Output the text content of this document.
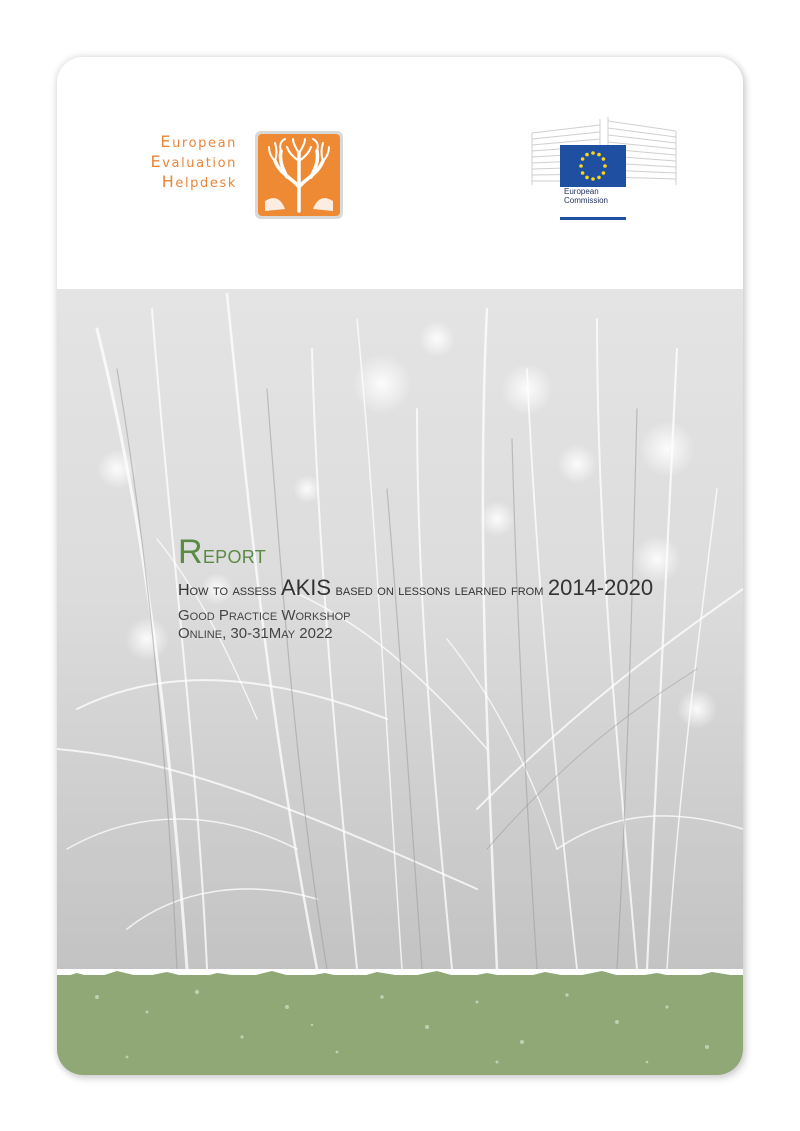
European
Evaluation
Helpdesk
European
Commission
Report
How to assess AKIS based on lessons learned from 2014-2020
Good Practice Workshop
Online, 30-31May 2022
